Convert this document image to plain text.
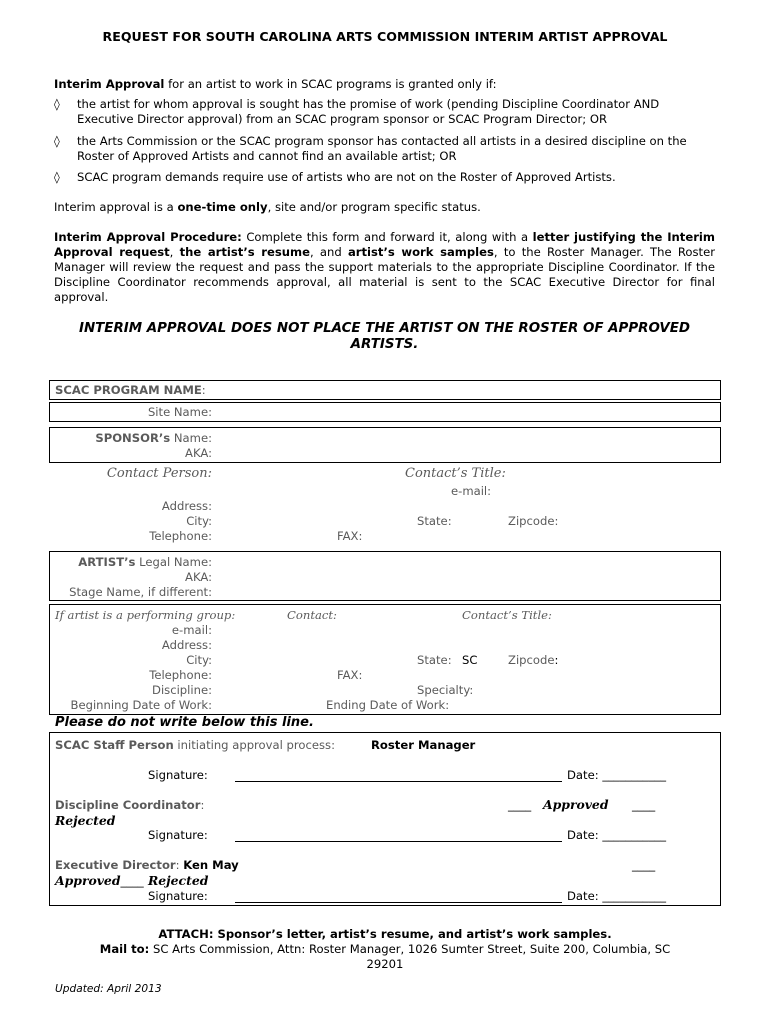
REQUEST FOR SOUTH CAROLINA ARTS COMMISSION INTERIM ARTIST APPROVAL
Interim Approval for an artist to work in SCAC programs is granted only if:
◊ the artist for whom approval is sought has the promise of work (pending Discipline Coordinator AND Executive Director approval) from an SCAC program sponsor or SCAC Program Director; OR
◊ the Arts Commission or the SCAC program sponsor has contacted all artists in a desired discipline on the Roster of Approved Artists and cannot find an available artist; OR
◊ SCAC program demands require use of artists who are not on the Roster of Approved Artists.
Interim approval is a one-time only, site and/or program specific status.
Interim Approval Procedure: Complete this form and forward it, along with a letter justifying the Interim Approval request, the artist’s resume, and artist’s work samples, to the Roster Manager. The Roster Manager will review the request and pass the support materials to the appropriate Discipline Coordinator. If the Discipline Coordinator recommends approval, all material is sent to the SCAC Executive Director for final approval.
INTERIM APPROVAL DOES NOT PLACE THE ARTIST ON THE ROSTER OF APPROVED ARTISTS.
SCAC PROGRAM NAME:
Site Name:
SPONSOR’s Name:
AKA:
Contact Person:	Contact’s Title:
e-mail:
Address:
City:	State:	Zipcode:
Telephone:	FAX:
ARTIST’s Legal Name:
AKA:
Stage Name, if different:
If artist is a performing group:	Contact:	Contact’s Title:
e-mail:
Address:
City:	State: SC	Zipcode:
Telephone:	FAX:
Discipline:	Specialty:
Beginning Date of Work:	Ending Date of Work:
Please do not write below this line.
SCAC Staff Person initiating approval process:	Roster Manager
Signature:	Date: ___________
Discipline Coordinator:	____ Approved ____
Rejected
Signature:	Date: ___________
Executive Director: Ken May	____
Approved____ Rejected
Signature:	Date: ___________
ATTACH: Sponsor’s letter, artist’s resume, and artist’s work samples.
Mail to: SC Arts Commission, Attn: Roster Manager, 1026 Sumter Street, Suite 200, Columbia, SC
29201
Updated: April 2013
